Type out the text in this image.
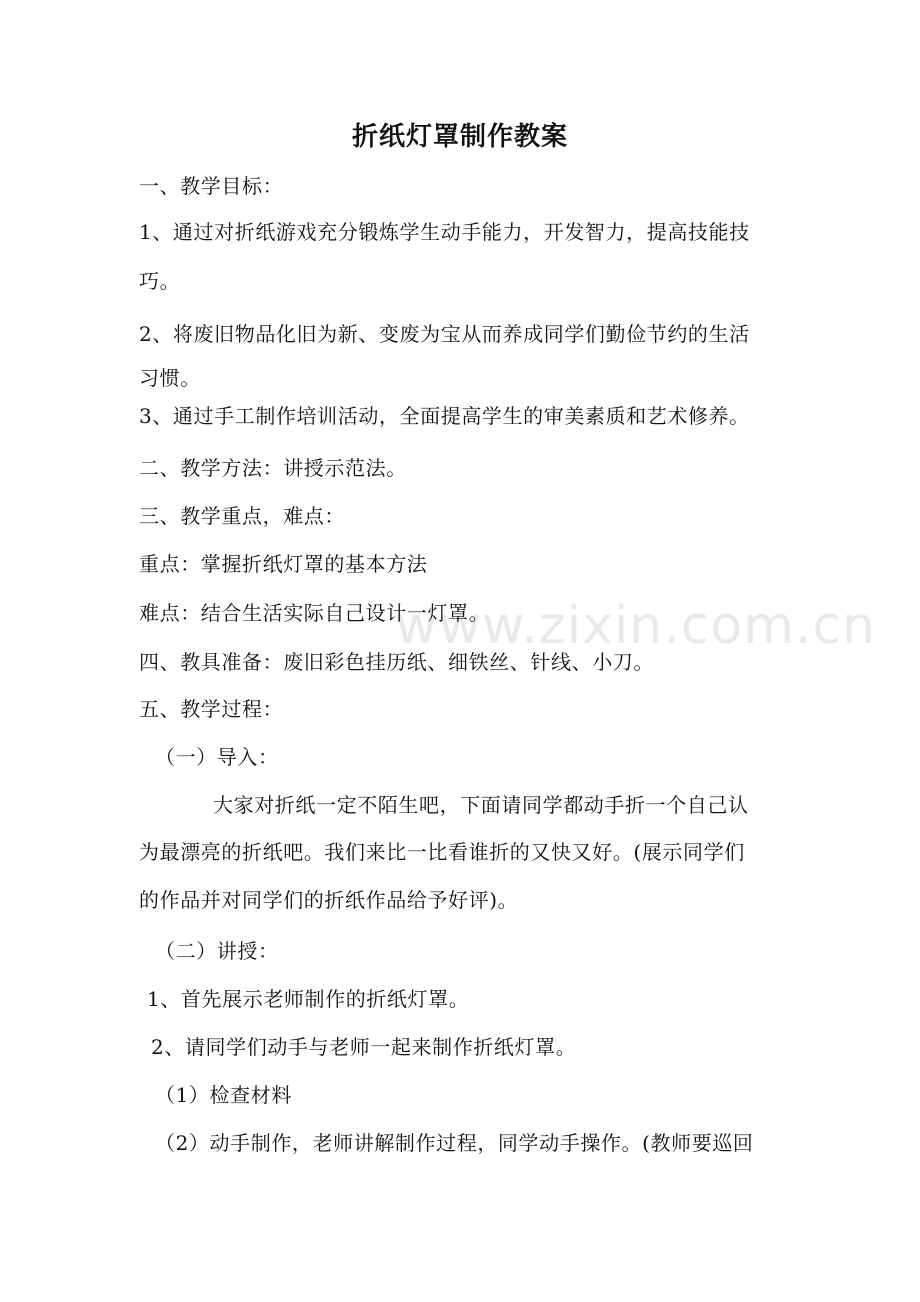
折纸灯罩制作教案
www.zixin.com.cn

一、教学目标：

1、通过对折纸游戏充分锻炼学生动手能力，开发智力，提高技能技

巧。

2、将废旧物品化旧为新、变废为宝从而养成同学们勤俭节约的生活

习惯。

3、通过手工制作培训活动，全面提高学生的审美素质和艺术修养。

二、教学方法：讲授示范法。

三、教学重点，难点：

重点：掌握折纸灯罩的基本方法

难点：结合生活实际自己设计一灯罩。

四、教具准备：废旧彩色挂历纸、细铁丝、针线、小刀。

五、教学过程：

（一）导入：

大家对折纸一定不陌生吧，下面请同学都动手折一个自己认

为最漂亮的折纸吧。我们来比一比看谁折的又快又好。(展示同学们

的作品并对同学们的折纸作品给予好评)。

（二）讲授：

1、首先展示老师制作的折纸灯罩。

2、请同学们动手与老师一起来制作折纸灯罩。

（1）检查材料

（2）动手制作，老师讲解制作过程，同学动手操作。(教师要巡回
